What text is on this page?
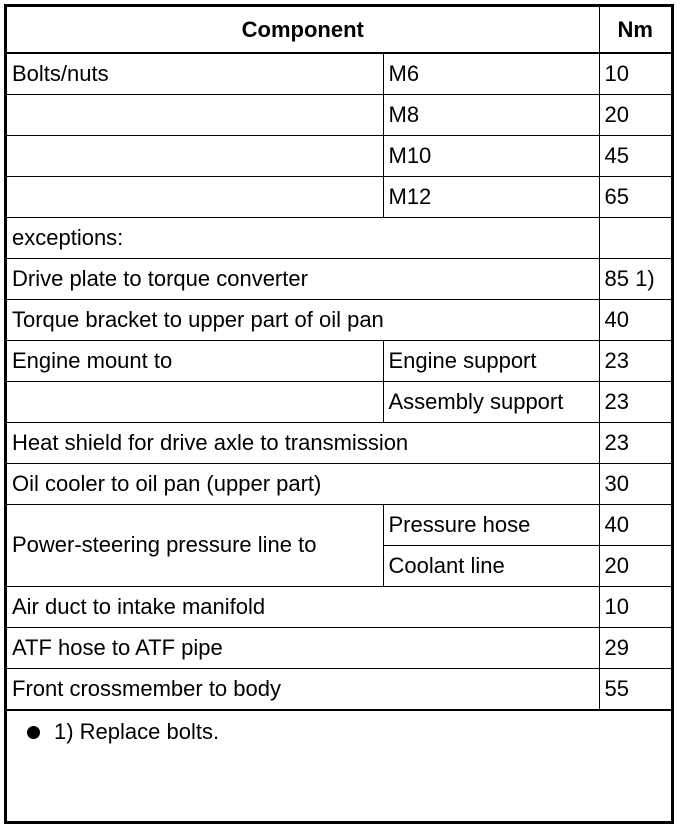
Component		Nm
Bolts/nuts	M6	10
	M8	20
	M10	45
	M12	65
exceptions:		
Drive plate to torque converter		85 1)
Torque bracket to upper part of oil pan		40
Engine mount to	Engine support	23
	Assembly support	23
Heat shield for drive axle to transmission		23
Oil cooler to oil pan (upper part)		30
Power-steering pressure line to	Pressure hose	40
	Coolant line	20
Air duct to intake manifold		10
ATF hose to ATF pipe		29
Front crossmember to body		55
1) Replace bolts.
